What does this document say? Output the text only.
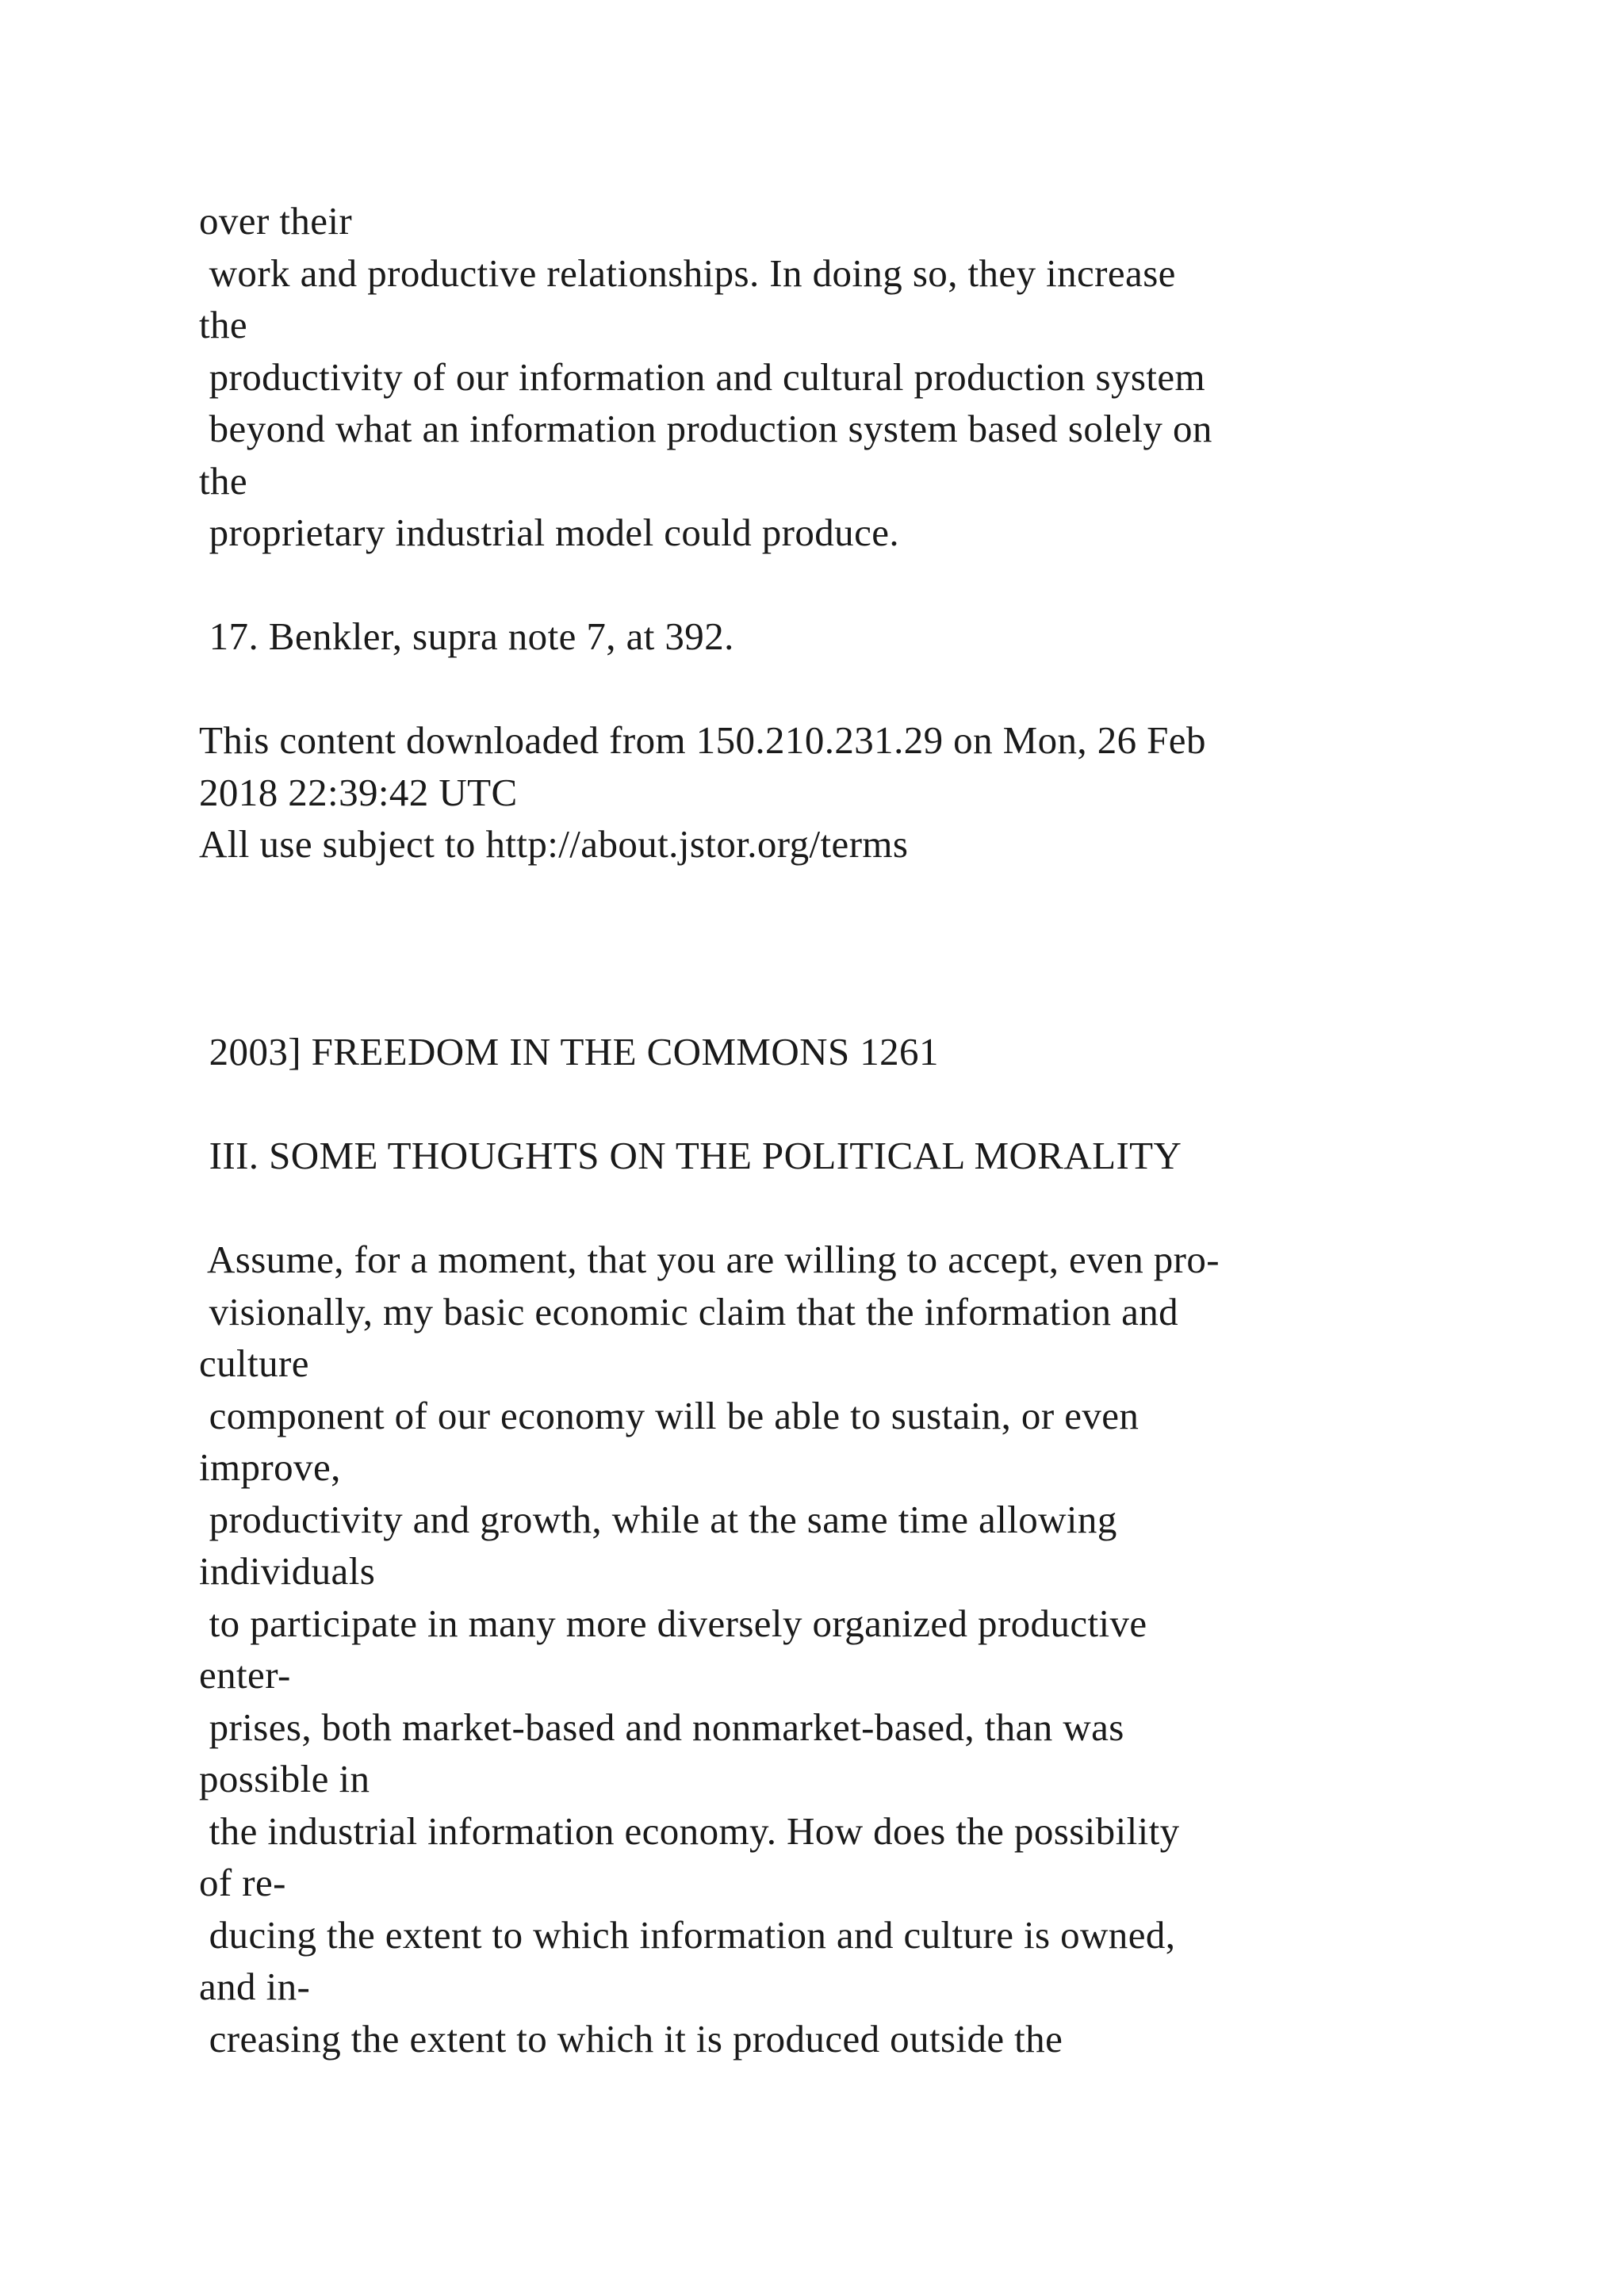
over their
work and productive relationships. In doing so, they increase
the
productivity of our information and cultural production system
beyond what an information production system based solely on
the
proprietary industrial model could produce.
17. Benkler, supra note 7, at 392.
This content downloaded from 150.210.231.29 on Mon, 26 Feb
2018 22:39:42 UTC
All use subject to http://about.jstor.org/terms
2003] FREEDOM IN THE COMMONS 1261
III. SOME THOUGHTS ON THE POLITICAL MORALITY
Assume, for a moment, that you are willing to accept, even pro-
visionally, my basic economic claim that the information and
culture
component of our economy will be able to sustain, or even
improve,
productivity and growth, while at the same time allowing
individuals
to participate in many more diversely organized productive
enter-
prises, both market-based and nonmarket-based, than was
possible in
the industrial information economy. How does the possibility
of re-
ducing the extent to which information and culture is owned,
and in-
creasing the extent to which it is produced outside the
